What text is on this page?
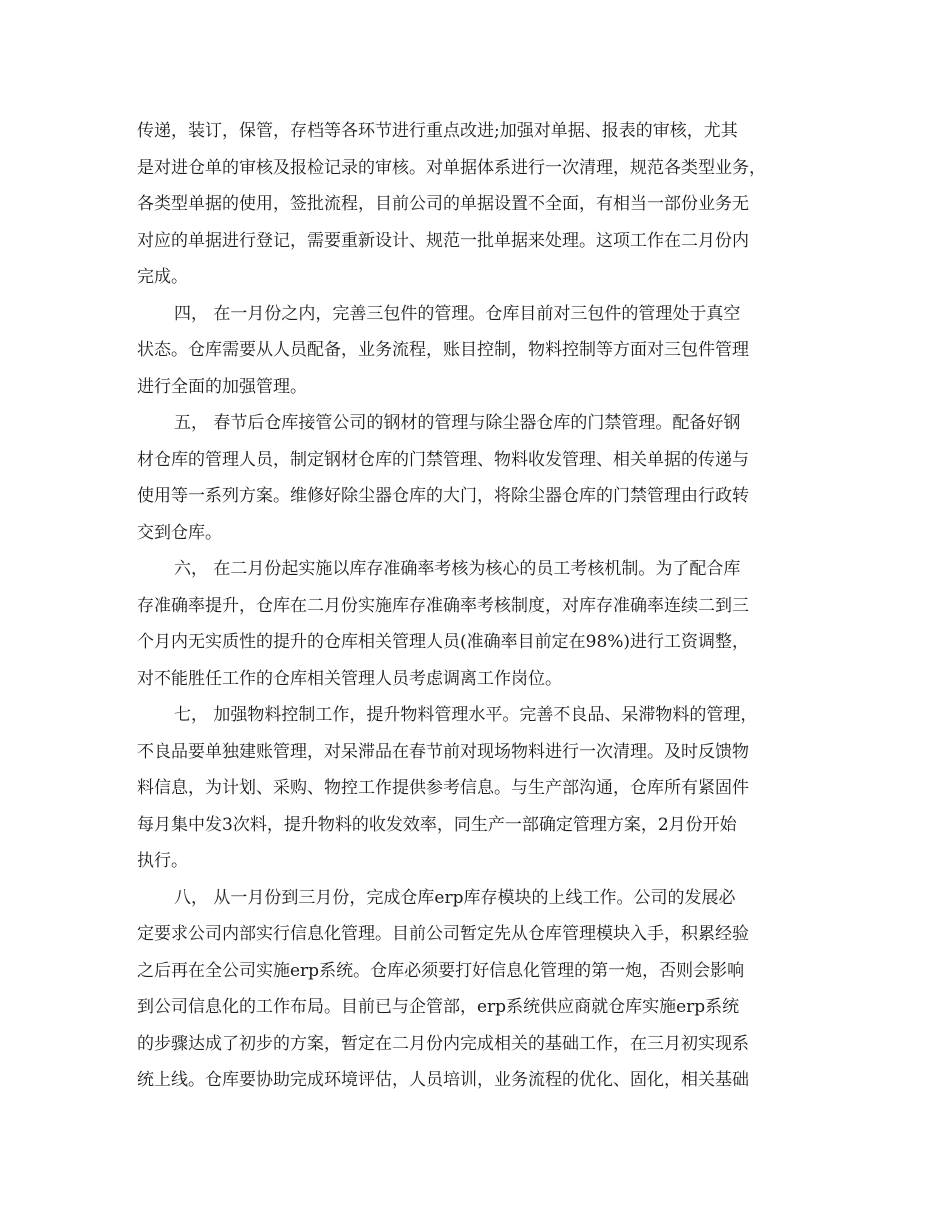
传递，装订，保管，存档等各环节进行重点改进;加强对单据、报表的审核，尤其
是对进仓单的审核及报检记录的审核。对单据体系进行一次清理，规范各类型业务，
各类型单据的使用，签批流程，目前公司的单据设置不全面，有相当一部份业务无
对应的单据进行登记，需要重新设计、规范一批单据来处理。这项工作在二月份内
完成。
四， 在一月份之内，完善三包件的管理。仓库目前对三包件的管理处于真空
状态。仓库需要从人员配备，业务流程，账目控制，物料控制等方面对三包件管理
进行全面的加强管理。
五， 春节后仓库接管公司的钢材的管理与除尘器仓库的门禁管理。配备好钢
材仓库的管理人员，制定钢材仓库的门禁管理、物料收发管理、相关单据的传递与
使用等一系列方案。维修好除尘器仓库的大门，将除尘器仓库的门禁管理由行政转
交到仓库。
六， 在二月份起实施以库存准确率考核为核心的员工考核机制。为了配合库
存准确率提升，仓库在二月份实施库存准确率考核制度，对库存准确率连续二到三
个月内无实质性的提升的仓库相关管理人员(准确率目前定在98%)进行工资调整，
对不能胜任工作的仓库相关管理人员考虑调离工作岗位。
七， 加强物料控制工作，提升物料管理水平。完善不良品、呆滞物料的管理，
不良品要单独建账管理，对呆滞品在春节前对现场物料进行一次清理。及时反馈物
料信息，为计划、采购、物控工作提供参考信息。与生产部沟通，仓库所有紧固件
每月集中发3次料，提升物料的收发效率，同生产一部确定管理方案，2月份开始
执行。
八， 从一月份到三月份，完成仓库erp库存模块的上线工作。公司的发展必
定要求公司内部实行信息化管理。目前公司暂定先从仓库管理模块入手，积累经验
之后再在全公司实施erp系统。仓库必须要打好信息化管理的第一炮，否则会影响
到公司信息化的工作布局。目前已与企管部，erp系统供应商就仓库实施erp系统
的步骤达成了初步的方案，暂定在二月份内完成相关的基础工作，在三月初实现系
统上线。仓库要协助完成环境评估，人员培训，业务流程的优化、固化，相关基础
